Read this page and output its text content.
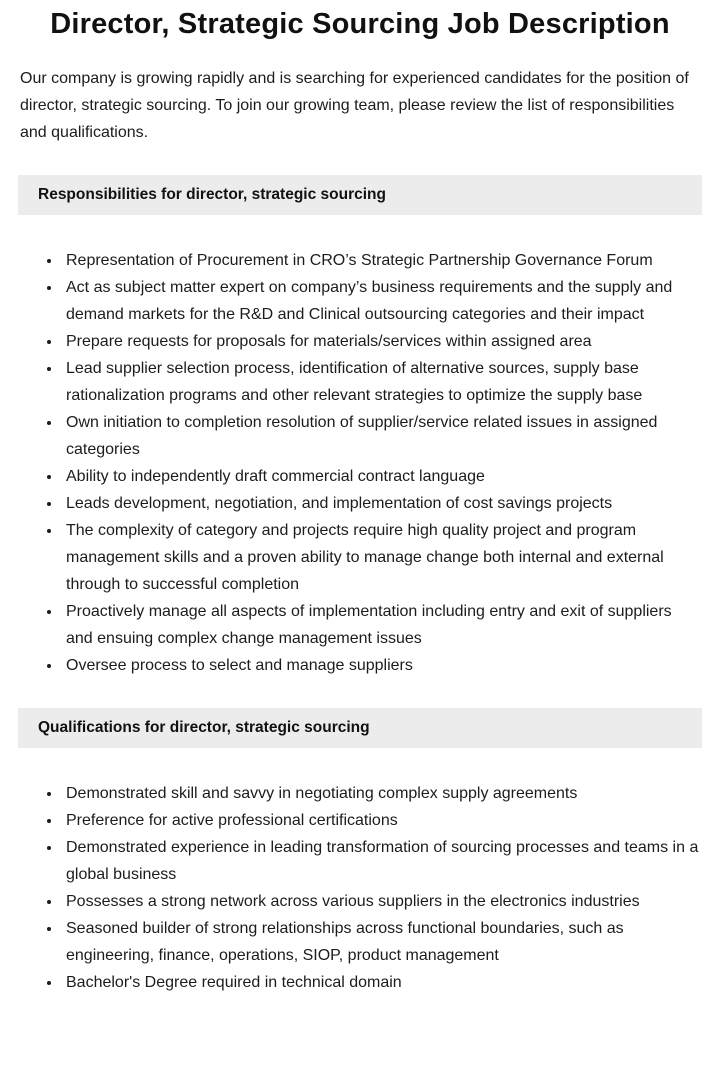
Director, Strategic Sourcing Job Description

Our company is growing rapidly and is searching for experienced candidates for the position of director, strategic sourcing. To join our growing team, please review the list of responsibilities and qualifications.

Responsibilities for director, strategic sourcing
• Representation of Procurement in CRO’s Strategic Partnership Governance Forum
• Act as subject matter expert on company’s business requirements and the supply and demand markets for the R&D and Clinical outsourcing categories and their impact
• Prepare requests for proposals for materials/services within assigned area
• Lead supplier selection process, identification of alternative sources, supply base rationalization programs and other relevant strategies to optimize the supply base
• Own initiation to completion resolution of supplier/service related issues in assigned categories
• Ability to independently draft commercial contract language
• Leads development, negotiation, and implementation of cost savings projects
• The complexity of category and projects require high quality project and program management skills and a proven ability to manage change both internal and external through to successful completion
• Proactively manage all aspects of implementation including entry and exit of suppliers and ensuing complex change management issues
• Oversee process to select and manage suppliers
Qualifications for director, strategic sourcing
• Demonstrated skill and savvy in negotiating complex supply agreements
• Preference for active professional certifications
• Demonstrated experience in leading transformation of sourcing processes and teams in a global business
• Possesses a strong network across various suppliers in the electronics industries
• Seasoned builder of strong relationships across functional boundaries, such as engineering, finance, operations, SIOP, product management
• Bachelor's Degree required in technical domain
